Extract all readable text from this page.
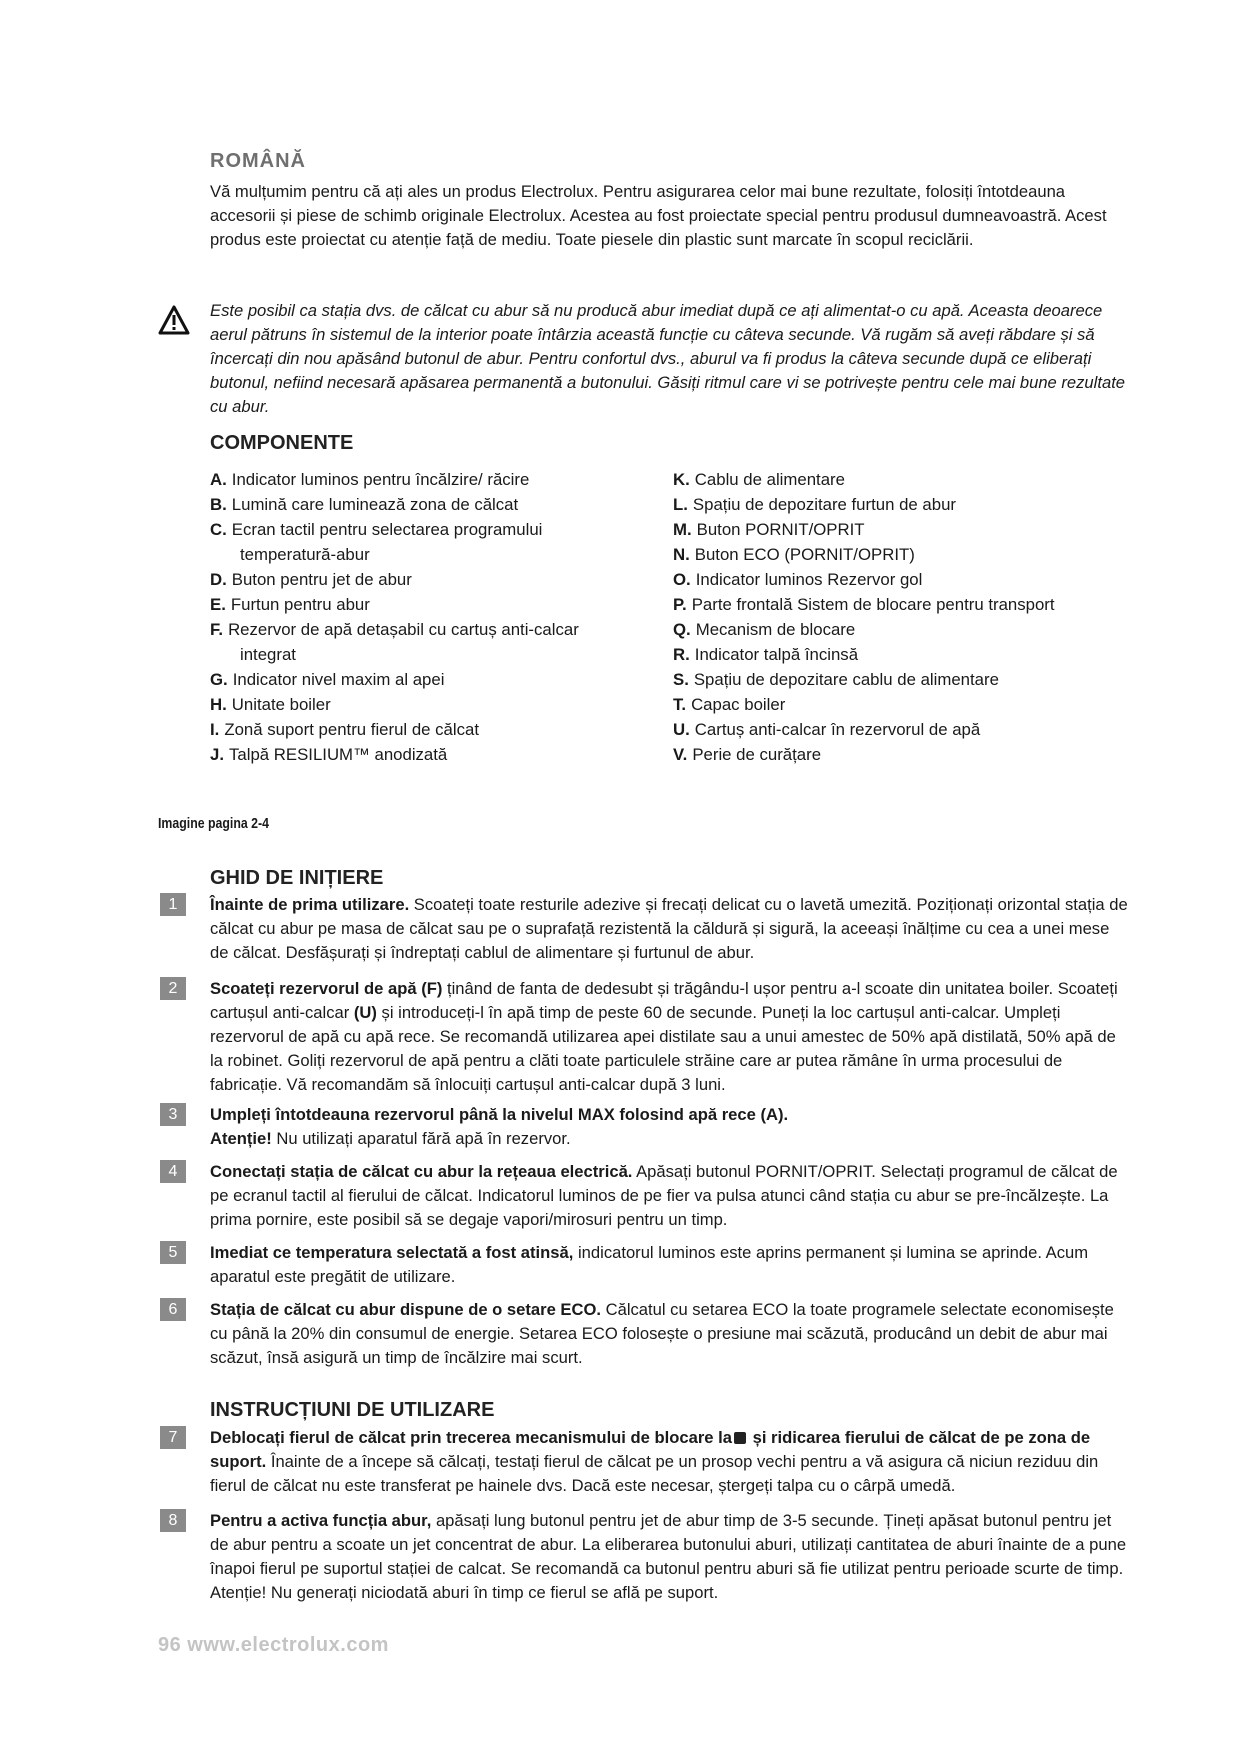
ROMÂNĂ

Vă mulțumim pentru că ați ales un produs Electrolux. Pentru asigurarea celor mai bune rezultate, folosiți întotdeauna accesorii și piese de schimb originale Electrolux. Acestea au fost proiectate special pentru produsul dumneavoastră. Acest produs este proiectat cu atenție față de mediu. Toate piesele din plastic sunt marcate în scopul reciclării.

Este posibil ca stația dvs. de călcat cu abur să nu producă abur imediat după ce ați alimentat-o cu apă. Aceasta deoarece aerul pătruns în sistemul de la interior poate întârzia această funcție cu câteva secunde. Vă rugăm să aveți răbdare și să încercați din nou apăsând butonul de abur. Pentru confortul dvs., aburul va fi produs la câteva secunde după ce eliberați butonul, nefiind necesară apăsarea permanentă a butonului. Găsiți ritmul care vi se potrivește pentru cele mai bune rezultate cu abur.

COMPONENTE
A. Indicator luminos pentru încălzire/ răcire
B. Lumină care luminează zona de călcat
C. Ecran tactil pentru selectarea programului temperatură-abur
D. Buton pentru jet de abur
E. Furtun pentru abur
F. Rezervor de apă detașabil cu cartuș anti-calcar integrat
G. Indicator nivel maxim al apei
H. Unitate boiler
I. Zonă suport pentru fierul de călcat
J. Talpă RESILIUM™ anodizată
K. Cablu de alimentare
L. Spațiu de depozitare furtun de abur
M. Buton PORNIT/OPRIT
N. Buton ECO (PORNIT/OPRIT)
O. Indicator luminos Rezervor gol
P. Parte frontală Sistem de blocare pentru transport
Q. Mecanism de blocare
R. Indicator talpă încinsă
S. Spațiu de depozitare cablu de alimentare
T. Capac boiler
U. Cartuș anti-calcar în rezervorul de apă
V. Perie de curățare
Imagine pagina 2-4
GHID DE INIȚIERE
1	Înainte de prima utilizare. Scoateți toate resturile adezive și frecați delicat cu o lavetă umezită. Poziționați orizontal stația de călcat cu abur pe masa de călcat sau pe o suprafață rezistentă la căldură și sigură, la aceeași înălțime cu cea a unei mese de călcat. Desfășurați și îndreptați cablul de alimentare și furtunul de abur.
2	Scoateți rezervorul de apă (F) ținând de fanta de dedesubt și trăgându-l ușor pentru a-l scoate din unitatea boiler. Scoateți cartușul anti-calcar (U) și introduceți-l în apă timp de peste 60 de secunde. Puneți la loc cartușul anti-calcar. Umpleți rezervorul de apă cu apă rece. Se recomandă utilizarea apei distilate sau a unui amestec de 50% apă distilată, 50% apă de la robinet. Goliți rezervorul de apă pentru a clăti toate particulele străine care ar putea rămâne în urma procesului de fabricație. Vă recomandăm să înlocuiți cartușul anti-calcar după 3 luni.
3	Umpleți întotdeauna rezervorul până la nivelul MAX folosind apă rece (A).
Atenție! Nu utilizați aparatul fără apă în rezervor.
4	Conectați stația de călcat cu abur la rețeaua electrică. Apăsați butonul PORNIT/OPRIT. Selectați programul de călcat de pe ecranul tactil al fierului de călcat. Indicatorul luminos de pe fier va pulsa atunci când stația cu abur se pre-încălzește. La prima pornire, este posibil să se degaje vapori/mirosuri pentru un timp.
5	Imediat ce temperatura selectată a fost atinsă, indicatorul luminos este aprins permanent și lumina se aprinde. Acum aparatul este pregătit de utilizare.
6	Stația de călcat cu abur dispune de o setare ECO. Călcatul cu setarea ECO la toate programele selectate economisește cu până la 20% din consumul de energie. Setarea ECO folosește o presiune mai scăzută, producând un debit de abur mai scăzut, însă asigură un timp de încălzire mai scurt.
INSTRUCȚIUNI DE UTILIZARE
7	Deblocați fierul de călcat prin trecerea mecanismului de blocare la și ridicarea fierului de călcat de pe zona de suport. Înainte de a începe să călcați, testați fierul de călcat pe un prosop vechi pentru a vă asigura că niciun reziduu din fierul de călcat nu este transferat pe hainele dvs. Dacă este necesar, ștergeți talpa cu o cârpă umedă.
8	Pentru a activa funcția abur, apăsați lung butonul pentru jet de abur timp de 3-5 secunde. Țineți apăsat butonul pentru jet de abur pentru a scoate un jet concentrat de abur. La eliberarea butonului aburi, utilizați cantitatea de aburi înainte de a pune înapoi fierul pe suportul stației de calcat. Se recomandă ca butonul pentru aburi să fie utilizat pentru perioade scurte de timp. Atenție! Nu generați niciodată aburi în timp ce fierul se află pe suport.
96 www.electrolux.com
